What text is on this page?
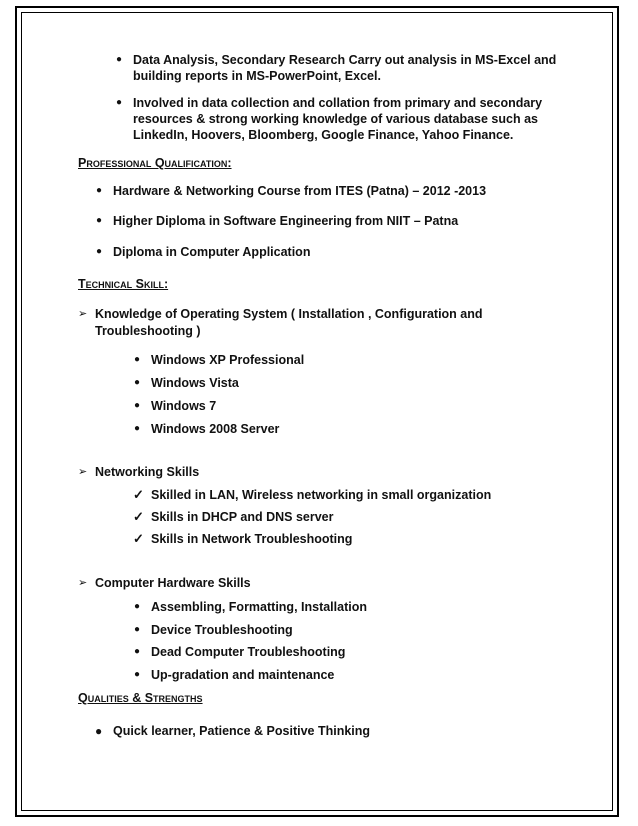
● Data Analysis, Secondary Research Carry out analysis in MS-Excel and
building reports in MS-PowerPoint, Excel.
● Involved in data collection and collation from primary and secondary
resources & strong working knowledge of various database such as
LinkedIn, Hoovers, Bloomberg, Google Finance, Yahoo Finance.
Professional Qualification:
● Hardware & Networking Course from ITES (Patna) – 2012 -2013
● Higher Diploma in Software Engineering from NIIT – Patna
● Diploma in Computer Application
Technical Skill:
➢ Knowledge of Operating System ( Installation , Configuration and
Troubleshooting )
● Windows XP Professional
● Windows Vista
● Windows 7
● Windows 2008 Server
➢ Networking Skills
✓ Skilled in LAN, Wireless networking in small organization
✓ Skills in DHCP and DNS server
✓ Skills in Network Troubleshooting
➢ Computer Hardware Skills
● Assembling, Formatting, Installation
● Device Troubleshooting
● Dead Computer Troubleshooting
● Up-gradation and maintenance
Qualities & Strengths
● Quick learner, Patience & Positive Thinking
